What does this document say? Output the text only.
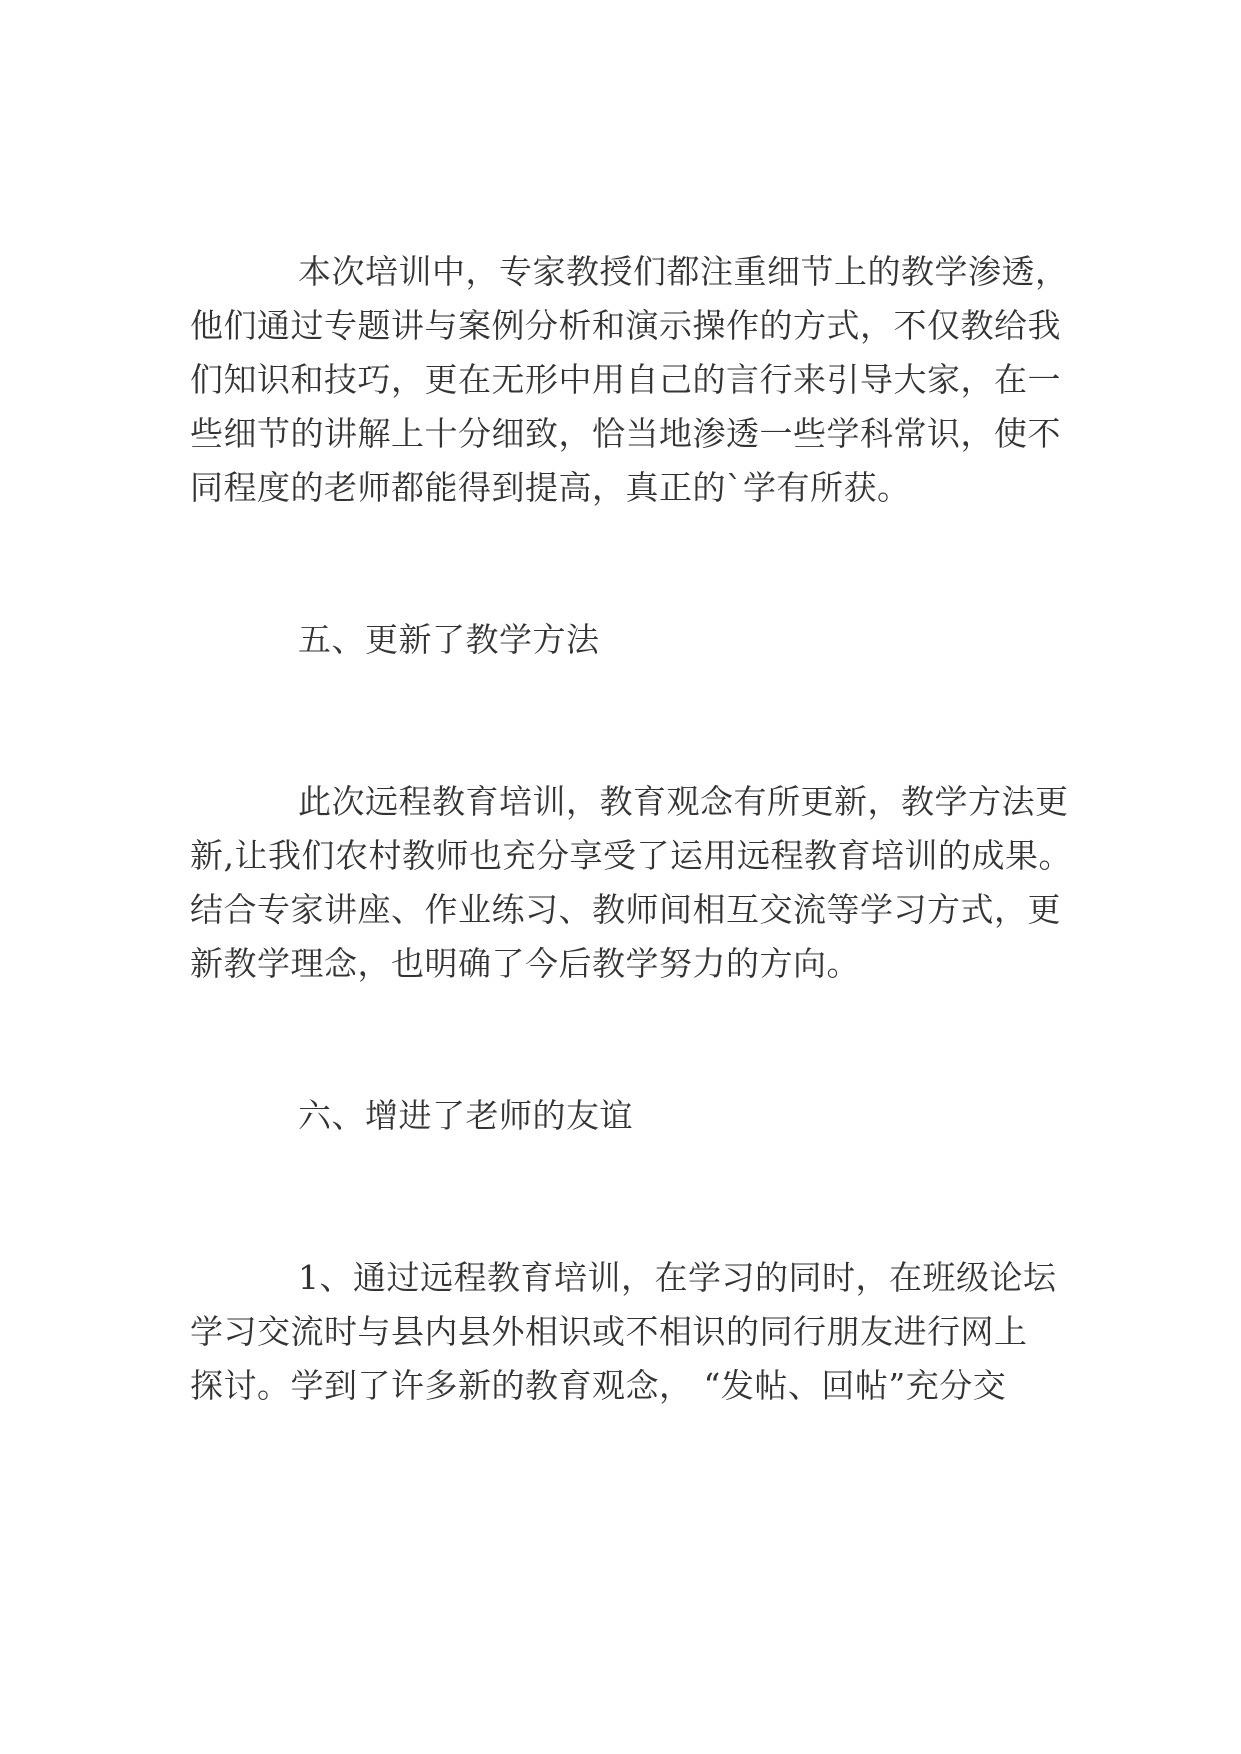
本次培训中，专家教授们都注重细节上的教学渗透，
他们通过专题讲与案例分析和演示操作的方式，不仅教给我
们知识和技巧，更在无形中用自己的言行来引导大家，在一
些细节的讲解上十分细致，恰当地渗透一些学科常识，使不
同程度的老师都能得到提高，真正的`学有所获。
五、更新了教学方法
此次远程教育培训，教育观念有所更新，教学方法更
新,让我们农村教师也充分享受了运用远程教育培训的成果。
结合专家讲座、作业练习、教师间相互交流等学习方式，更
新教学理念，也明确了今后教学努力的方向。
六、增进了老师的友谊
1、通过远程教育培训，在学习的同时，在班级论坛
学习交流时与县内县外相识或不相识的同行朋友进行网上
探讨。学到了许多新的教育观念， “发帖、回帖”充分交
